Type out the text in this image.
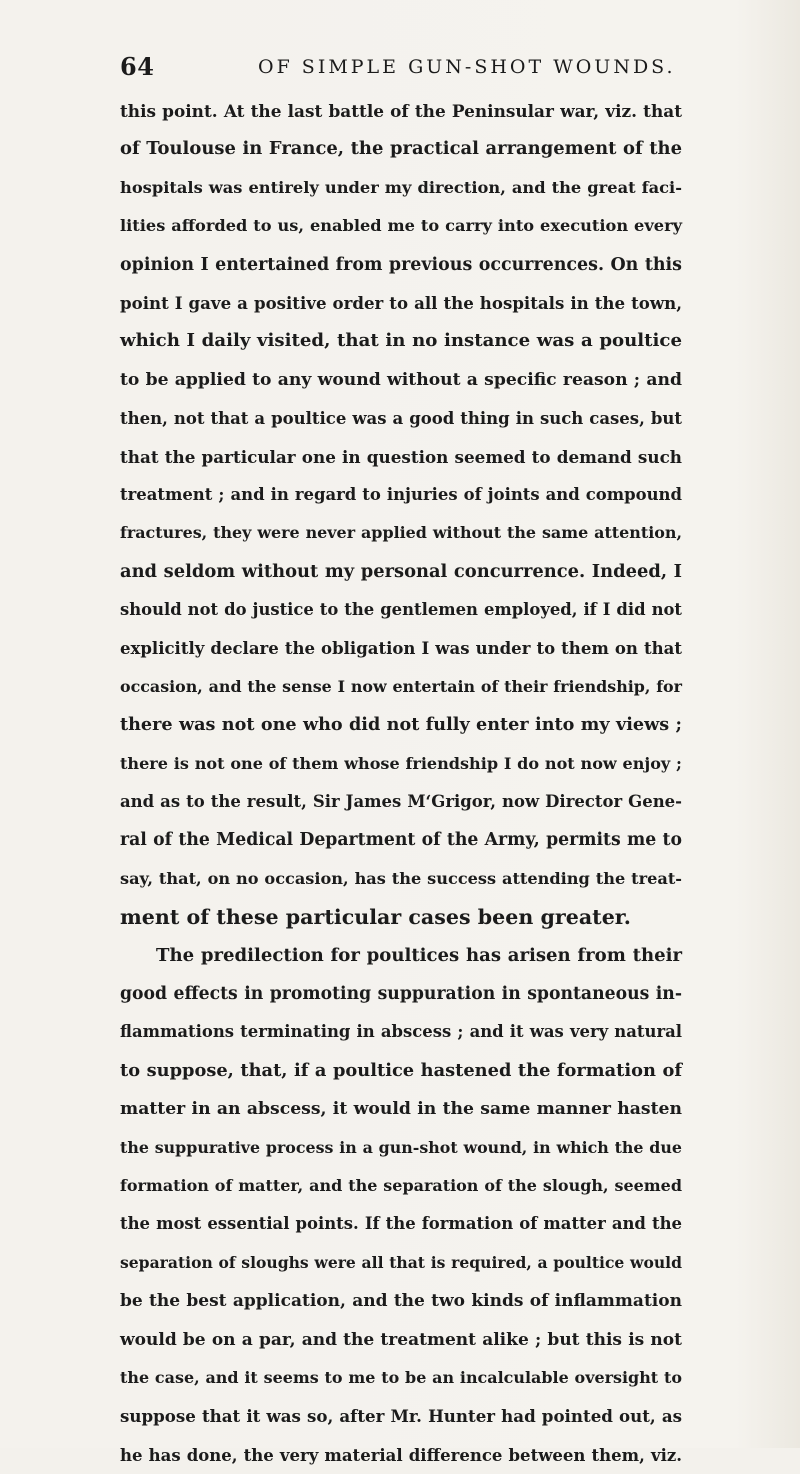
64	OF SIMPLE GUN-SHOT WOUNDS.
this point. At the last battle of the Peninsular war, viz. that
of Toulouse in France, the practical arrangement of the
hospitals was entirely under my direction, and the great faci-
lities afforded to us, enabled me to carry into execution every
opinion I entertained from previous occurrences. On this
point I gave a positive order to all the hospitals in the town,
which I daily visited, that in no instance was a poultice
to be applied to any wound without a specific reason ; and
then, not that a poultice was a good thing in such cases, but
that the particular one in question seemed to demand such
treatment ; and in regard to injuries of joints and compound
fractures, they were never applied without the same attention,
and seldom without my personal concurrence. Indeed, I
should not do justice to the gentlemen employed, if I did not
explicitly declare the obligation I was under to them on that
occasion, and the sense I now entertain of their friendship, for
there was not one who did not fully enter into my views ;
there is not one of them whose friendship I do not now enjoy ;
and as to the result, Sir James M‘Grigor, now Director Gene-
ral of the Medical Department of the Army, permits me to
say, that, on no occasion, has the success attending the treat-
ment of these particular cases been greater.
The predilection for poultices has arisen from their
good effects in promoting suppuration in spontaneous in-
flammations terminating in abscess ; and it was very natural
to suppose, that, if a poultice hastened the formation of
matter in an abscess, it would in the same manner hasten
the suppurative process in a gun-shot wound, in which the due
formation of matter, and the separation of the slough, seemed
the most essential points. If the formation of matter and the
separation of sloughs were all that is required, a poultice would
be the best application, and the two kinds of inflammation
would be on a par, and the treatment alike ; but this is not
the case, and it seems to me to be an incalculable oversight to
suppose that it was so, after Mr. Hunter had pointed out, as
he has done, the very material difference between them, viz.
